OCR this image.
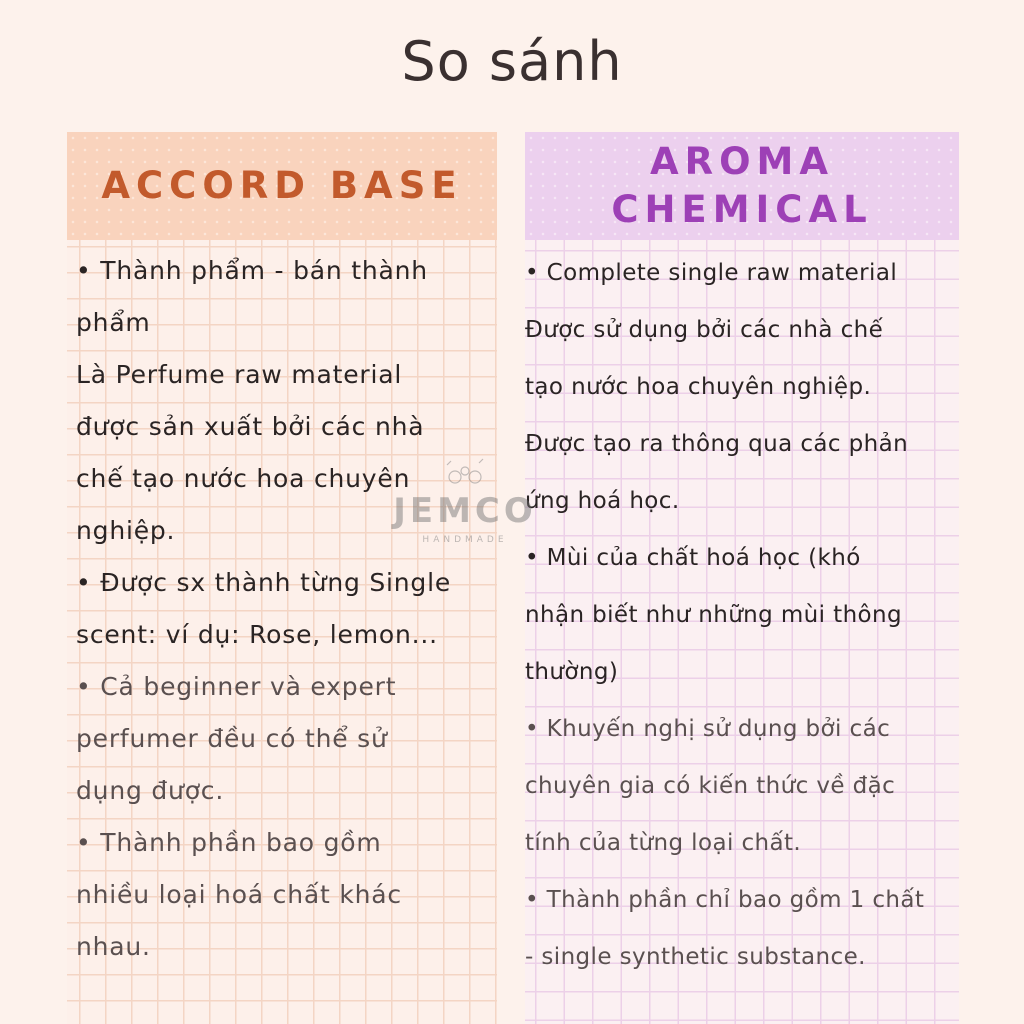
So sánh
ACCORD BASE
• Thành phẩm - bán thành
phẩm
Là Perfume raw material
được sản xuất bởi các nhà
chế tạo nước hoa chuyên
nghiệp.
• Được sx thành từng Single
scent: ví dụ: Rose, lemon...
• Cả beginner và expert
perfumer đều có thể sử
dụng được.
• Thành phần bao gồm
nhiều loại hoá chất khác
nhau.
AROMA
CHEMICAL
• Complete single raw material
Được sử dụng bởi các nhà chế
tạo nước hoa chuyên nghiệp.
Được tạo ra thông qua các phản
ứng hoá học.
• Mùi của chất hoá học (khó
nhận biết như những mùi thông
thường)
• Khuyến nghị sử dụng bởi các
chuyên gia có kiến thức về đặc
tính của từng loại chất.
• Thành phần chỉ bao gồm 1 chất
- single synthetic substance.
JEMCO
HANDMADE
